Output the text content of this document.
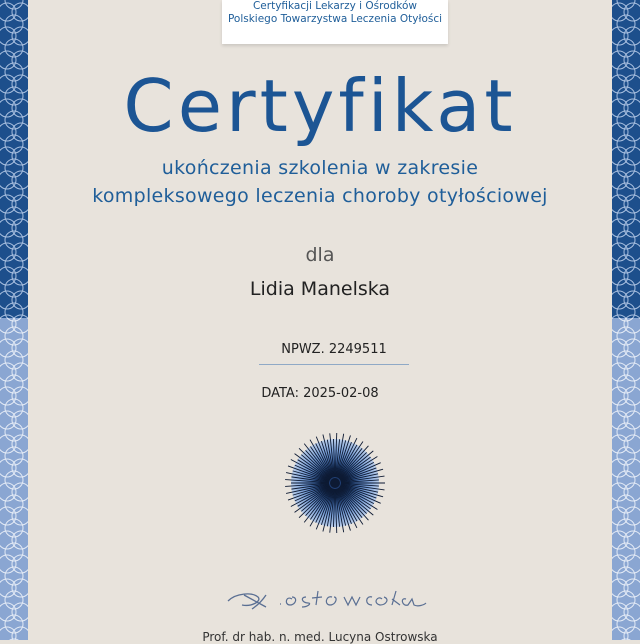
Certyfikacji Lekarzy i Ośrodków
Polskiego Towarzystwa Leczenia Otyłości
Certyfikat
ukończenia szkolenia w zakresie
kompleksowego leczenia choroby otyłościowej
dla
Lidia Manelska
NPWZ. 2249511
DATA: 2025-02-08
Prof. dr hab. n. med. Lucyna Ostrowska
